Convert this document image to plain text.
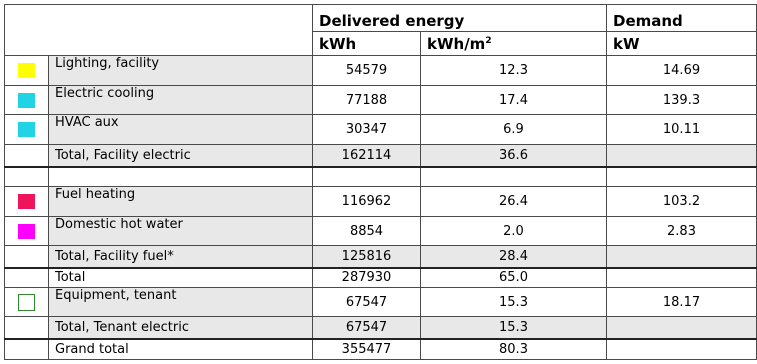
		Delivered energy		Demand
		kWh	kWh/$m^2$	kW
	Lighting, facility	54579	12.3	14.69
	Electric cooling	77188	17.4	139.3
	HVAC aux	30347	6.9	10.11
	Total, Facility electric	162114	36.6	

	Fuel heating	116962	26.4	103.2
	Domestic hot water	8854	2.0	2.83
	Total, Facility fuel*	125816	28.4	
	Total	287930	65.0	
	Equipment, tenant	67547	15.3	18.17
	Total, Tenant electric	67547	15.3	
	Grand total	355477	80.3	
